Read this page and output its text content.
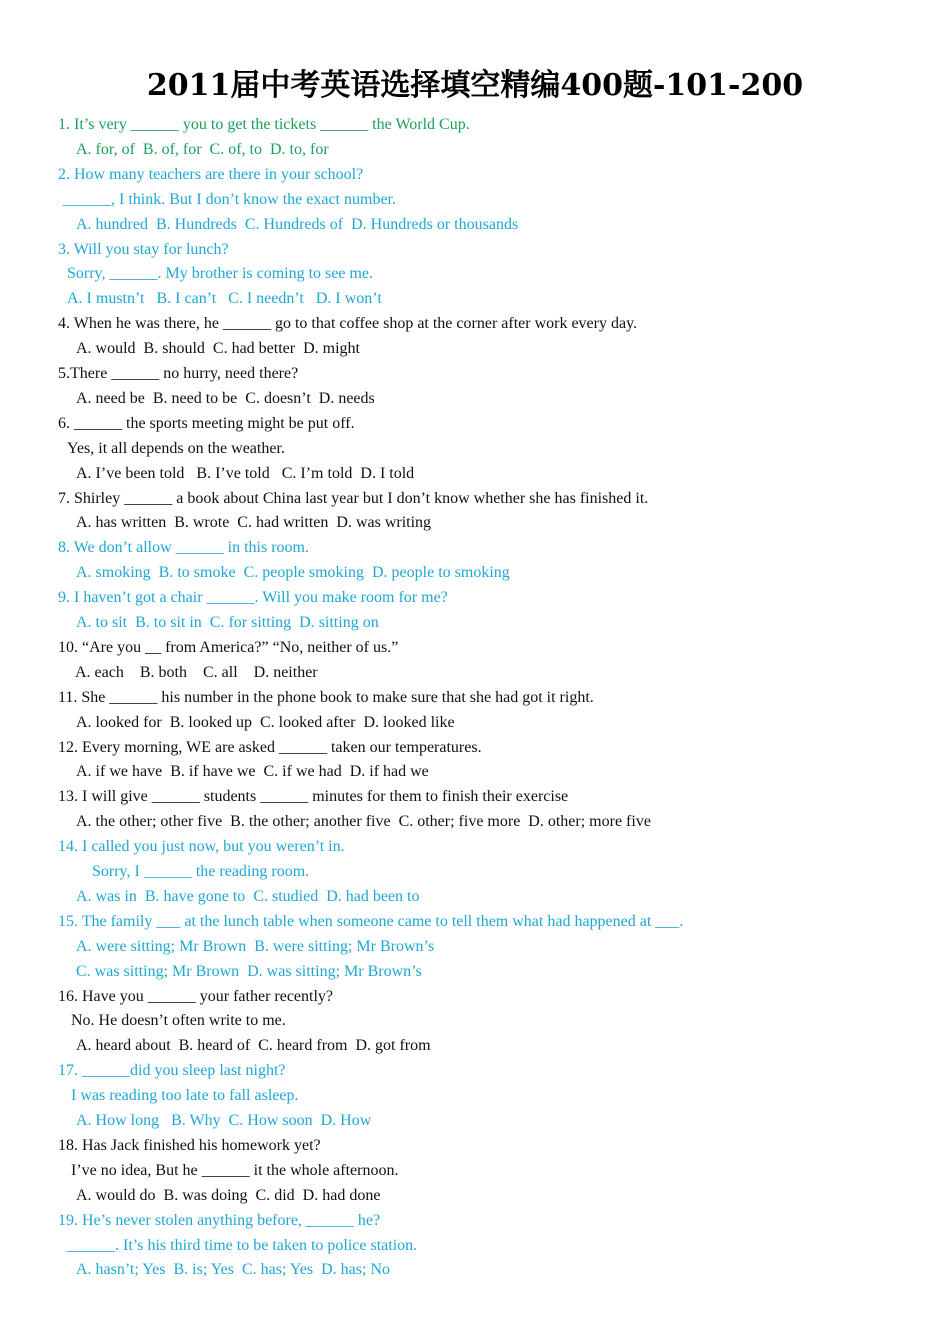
2011届中考英语选择填空精编400题-101-200
1. It’s very ______ you to get the tickets ______ the World Cup.
A. for, of  B. of, for  C. of, to  D. to, for
2. How many teachers are there in your school?
______, I think. But I don’t know the exact number.
A. hundred  B. Hundreds  C. Hundreds of  D. Hundreds or thousands
3. Will you stay for lunch?
Sorry, ______. My brother is coming to see me.
A. I mustn’t   B. I can’t   C. I needn’t   D. I won’t
4. When he was there, he ______ go to that coffee shop at the corner after work every day.
A. would  B. should  C. had better  D. might
5.There ______ no hurry, need there?
A. need be  B. need to be  C. doesn’t  D. needs
6. ______ the sports meeting might be put off.
Yes, it all depends on the weather.
A. I’ve been told   B. I’ve told   C. I’m told  D. I told
7. Shirley ______ a book about China last year but I don’t know whether she has finished it.
A. has written  B. wrote  C. had written  D. was writing
8. We don’t allow ______ in this room.
A. smoking  B. to smoke  C. people smoking  D. people to smoking
9. I haven’t got a chair ______. Will you make room for me?
A. to sit  B. to sit in  C. for sitting  D. sitting on
10. “Are you __ from America?” “No, neither of us.”
A. each    B. both    C. all    D. neither
11. She ______ his number in the phone book to make sure that she had got it right.
A. looked for  B. looked up  C. looked after  D. looked like
12. Every morning, WE are asked ______ taken our temperatures.
A. if we have  B. if have we  C. if we had  D. if had we
13. I will give ______ students ______ minutes for them to finish their exercise
A. the other; other five  B. the other; another five  C. other; five more  D. other; more five
14. I called you just now, but you weren’t in.
Sorry, I ______ the reading room.
A. was in  B. have gone to  C. studied  D. had been to
15. The family ___ at the lunch table when someone came to tell them what had happened at ___.
A. were sitting; Mr Brown  B. were sitting; Mr Brown’s
C. was sitting; Mr Brown  D. was sitting; Mr Brown’s
16. Have you ______ your father recently?
No. He doesn’t often write to me.
A. heard about  B. heard of  C. heard from  D. got from
17. ______did you sleep last night?
I was reading too late to fall asleep.
A. How long   B. Why  C. How soon  D. How
18. Has Jack finished his homework yet?
I’ve no idea, But he ______ it the whole afternoon.
A. would do  B. was doing  C. did  D. had done
19. He’s never stolen anything before, ______ he?
______. It’s his third time to be taken to police station.
A. hasn’t; Yes  B. is; Yes  C. has; Yes  D. has; No
